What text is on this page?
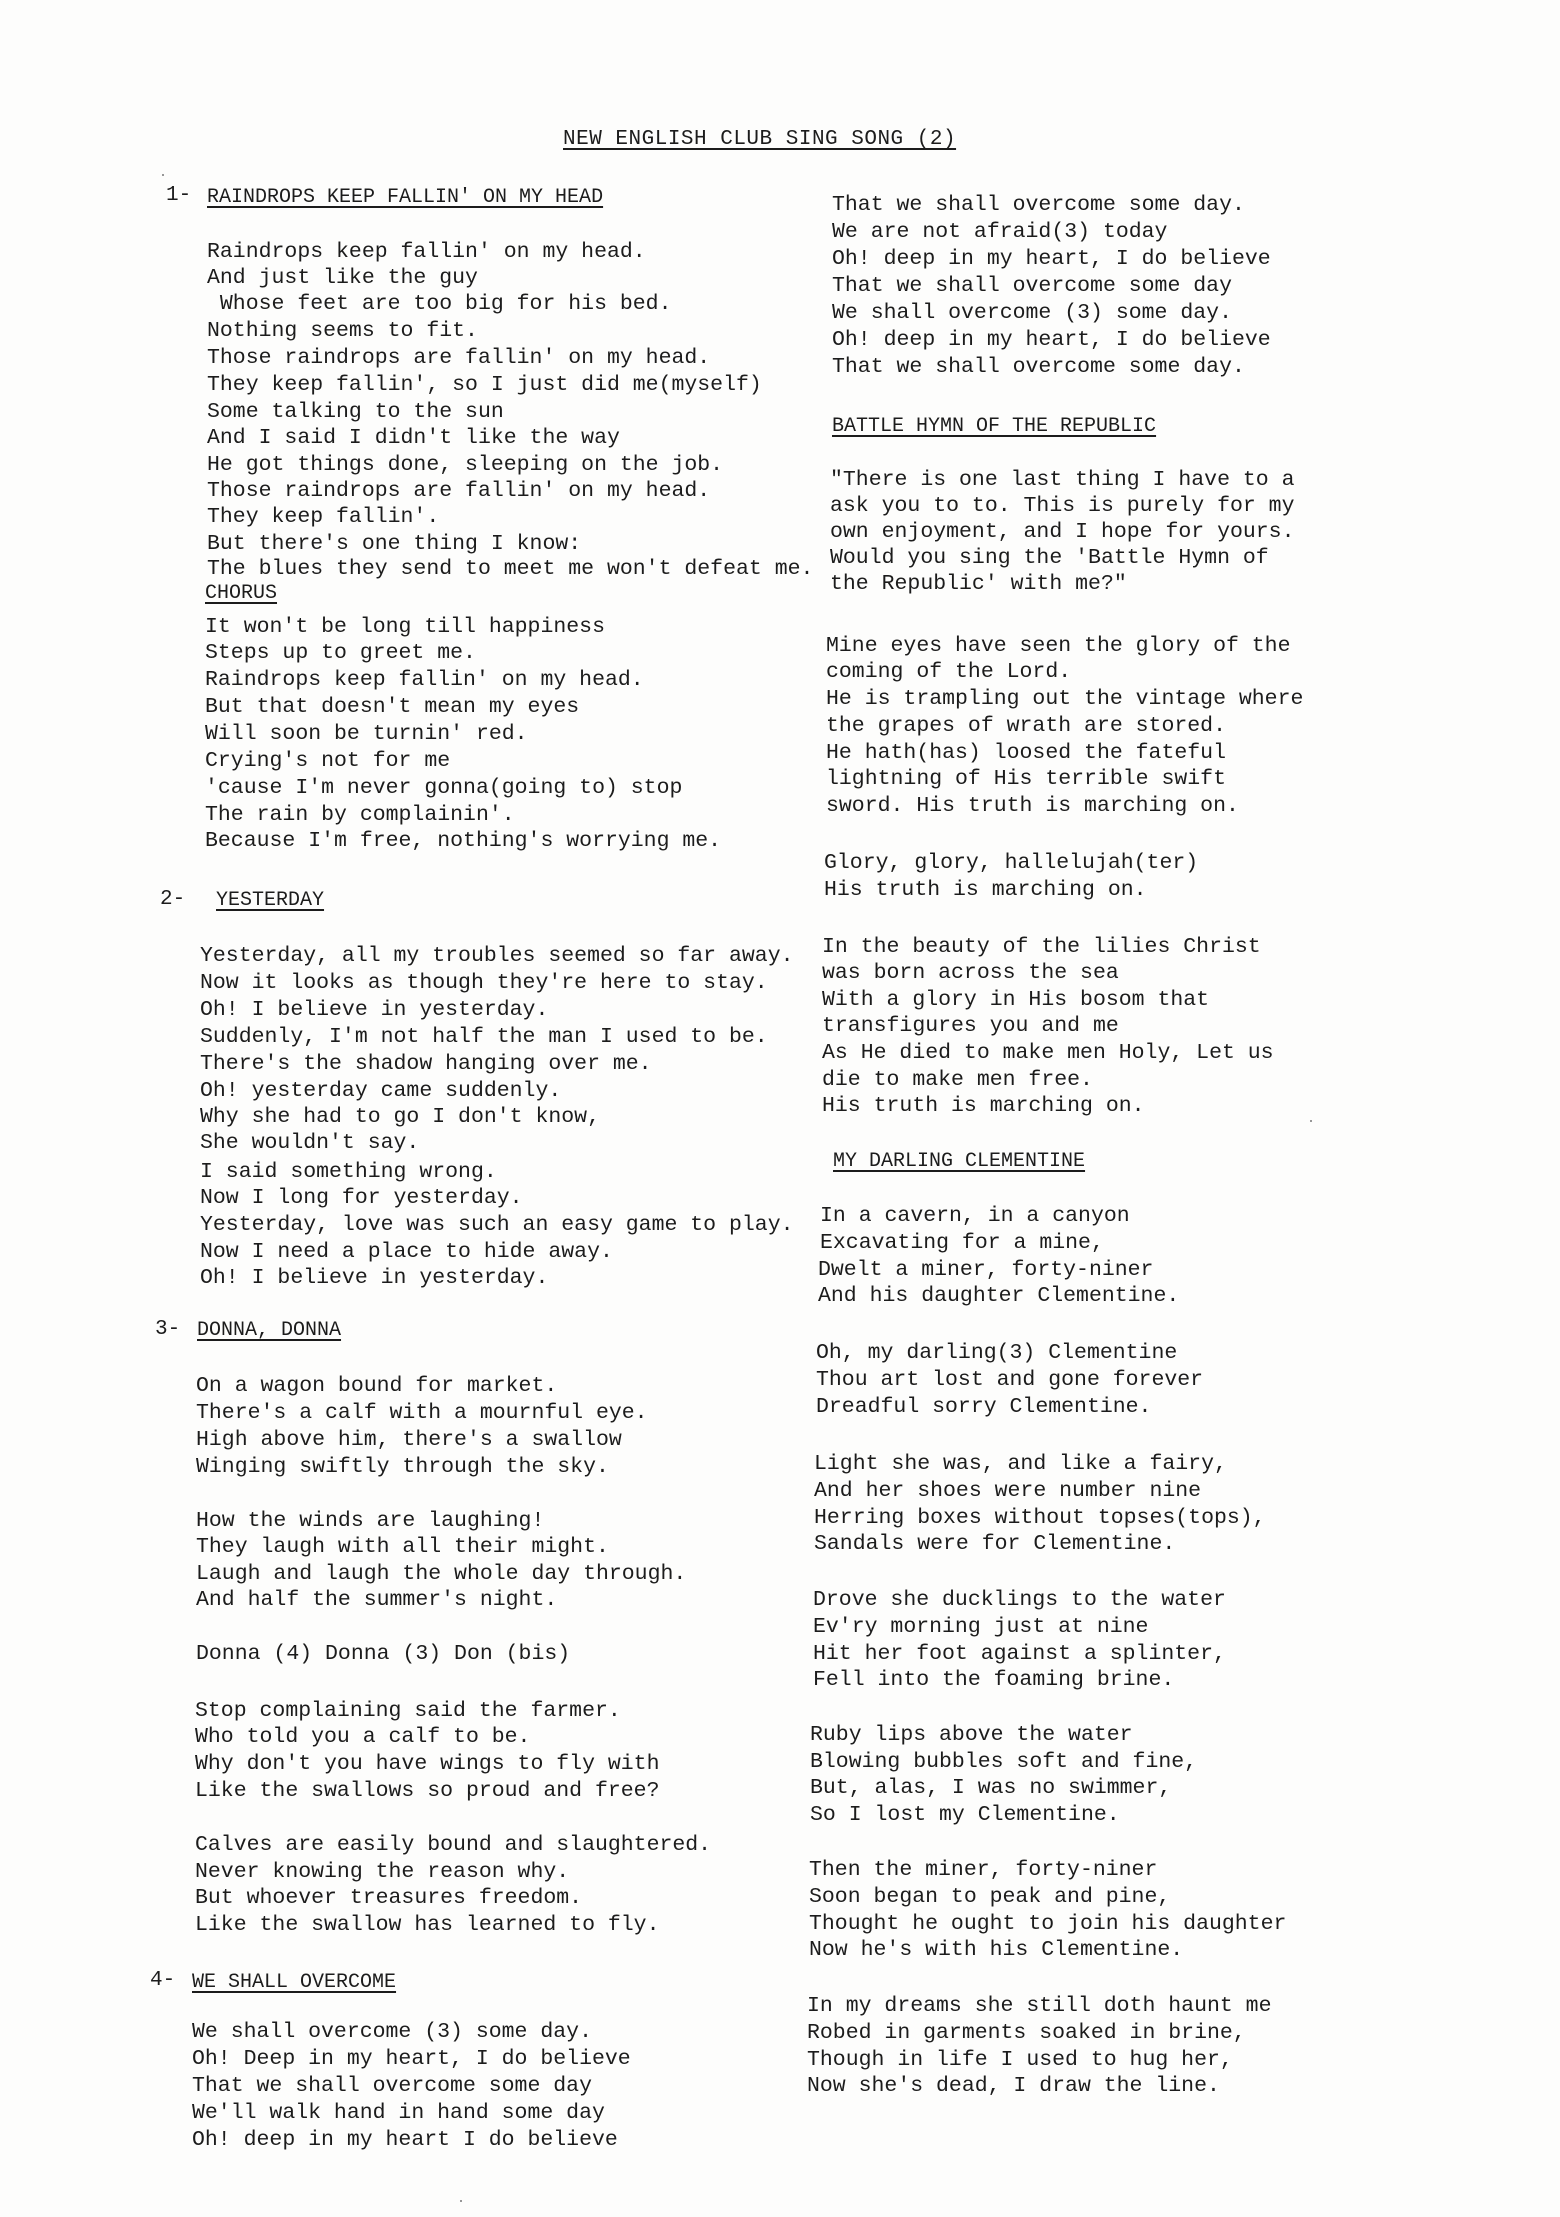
NEW ENGLISH CLUB SING SONG (2)
1- RAINDROPS KEEP FALLIN' ON MY HEAD
Raindrops keep fallin' on my head.
And just like the guy
Whose feet are too big for his bed.
Nothing seems to fit.
Those raindrops are fallin' on my head.
They keep fallin', so I just did me(myself)
Some talking to the sun
And I said I didn't like the way
He got things done, sleeping on the job.
Those raindrops are fallin' on my head.
They keep fallin'.
But there's one thing I know:
The blues they send to meet me won't defeat me.
CHORUS
It won't be long till happiness
Steps up to greet me.
Raindrops keep fallin' on my head.
But that doesn't mean my eyes
Will soon be turnin' red.
Crying's not for me
'cause I'm never gonna(going to) stop
The rain by complainin'.
Because I'm free, nothing's worrying me.
2- YESTERDAY
Yesterday, all my troubles seemed so far away.
Now it looks as though they're here to stay.
Oh! I believe in yesterday.
Suddenly, I'm not half the man I used to be.
There's the shadow hanging over me.
Oh! yesterday came suddenly.
Why she had to go I don't know,
She wouldn't say.
I said something wrong.
Now I long for yesterday.
Yesterday, love was such an easy game to play.
Now I need a place to hide away.
Oh! I believe in yesterday.
3- DONNA, DONNA
On a wagon bound for market.
There's a calf with a mournful eye.
High above him, there's a swallow
Winging swiftly through the sky.
How the winds are laughing!
They laugh with all their might.
Laugh and laugh the whole day through.
And half the summer's night.
Donna (4) Donna (3) Don (bis)
Stop complaining said the farmer.
Who told you a calf to be.
Why don't you have wings to fly with
Like the swallows so proud and free?
Calves are easily bound and slaughtered.
Never knowing the reason why.
But whoever treasures freedom.
Like the swallow has learned to fly.
4- WE SHALL OVERCOME
We shall overcome (3) some day.
Oh! Deep in my heart, I do believe
That we shall overcome some day
We'll walk hand in hand some day
Oh! deep in my heart I do believe
That we shall overcome some day.
We are not afraid(3) today
Oh! deep in my heart, I do believe
That we shall overcome some day
We shall overcome (3) some day.
Oh! deep in my heart, I do believe
That we shall overcome some day.
BATTLE HYMN OF THE REPUBLIC
"There is one last thing I have to a
ask you to to. This is purely for my
own enjoyment, and I hope for yours.
Would you sing the 'Battle Hymn of
the Republic' with me?"
Mine eyes have seen the glory of the
coming of the Lord.
He is trampling out the vintage where
the grapes of wrath are stored.
He hath(has) loosed the fateful
lightning of His terrible swift
sword. His truth is marching on.
Glory, glory, hallelujah(ter)
His truth is marching on.
In the beauty of the lilies Christ
was born across the sea
With a glory in His bosom that
transfigures you and me
As He died to make men Holy, Let us
die to make men free.
His truth is marching on.
MY DARLING CLEMENTINE
In a cavern, in a canyon
Excavating for a mine,
Dwelt a miner, forty-niner
And his daughter Clementine.
Oh, my darling(3) Clementine
Thou art lost and gone forever
Dreadful sorry Clementine.
Light she was, and like a fairy,
And her shoes were number nine
Herring boxes without topses(tops),
Sandals were for Clementine.
Drove she ducklings to the water
Ev'ry morning just at nine
Hit her foot against a splinter,
Fell into the foaming brine.
Ruby lips above the water
Blowing bubbles soft and fine,
But, alas, I was no swimmer,
So I lost my Clementine.
Then the miner, forty-niner
Soon began to peak and pine,
Thought he ought to join his daughter
Now he's with his Clementine.
In my dreams she still doth haunt me
Robed in garments soaked in brine,
Though in life I used to hug her,
Now she's dead, I draw the line.
